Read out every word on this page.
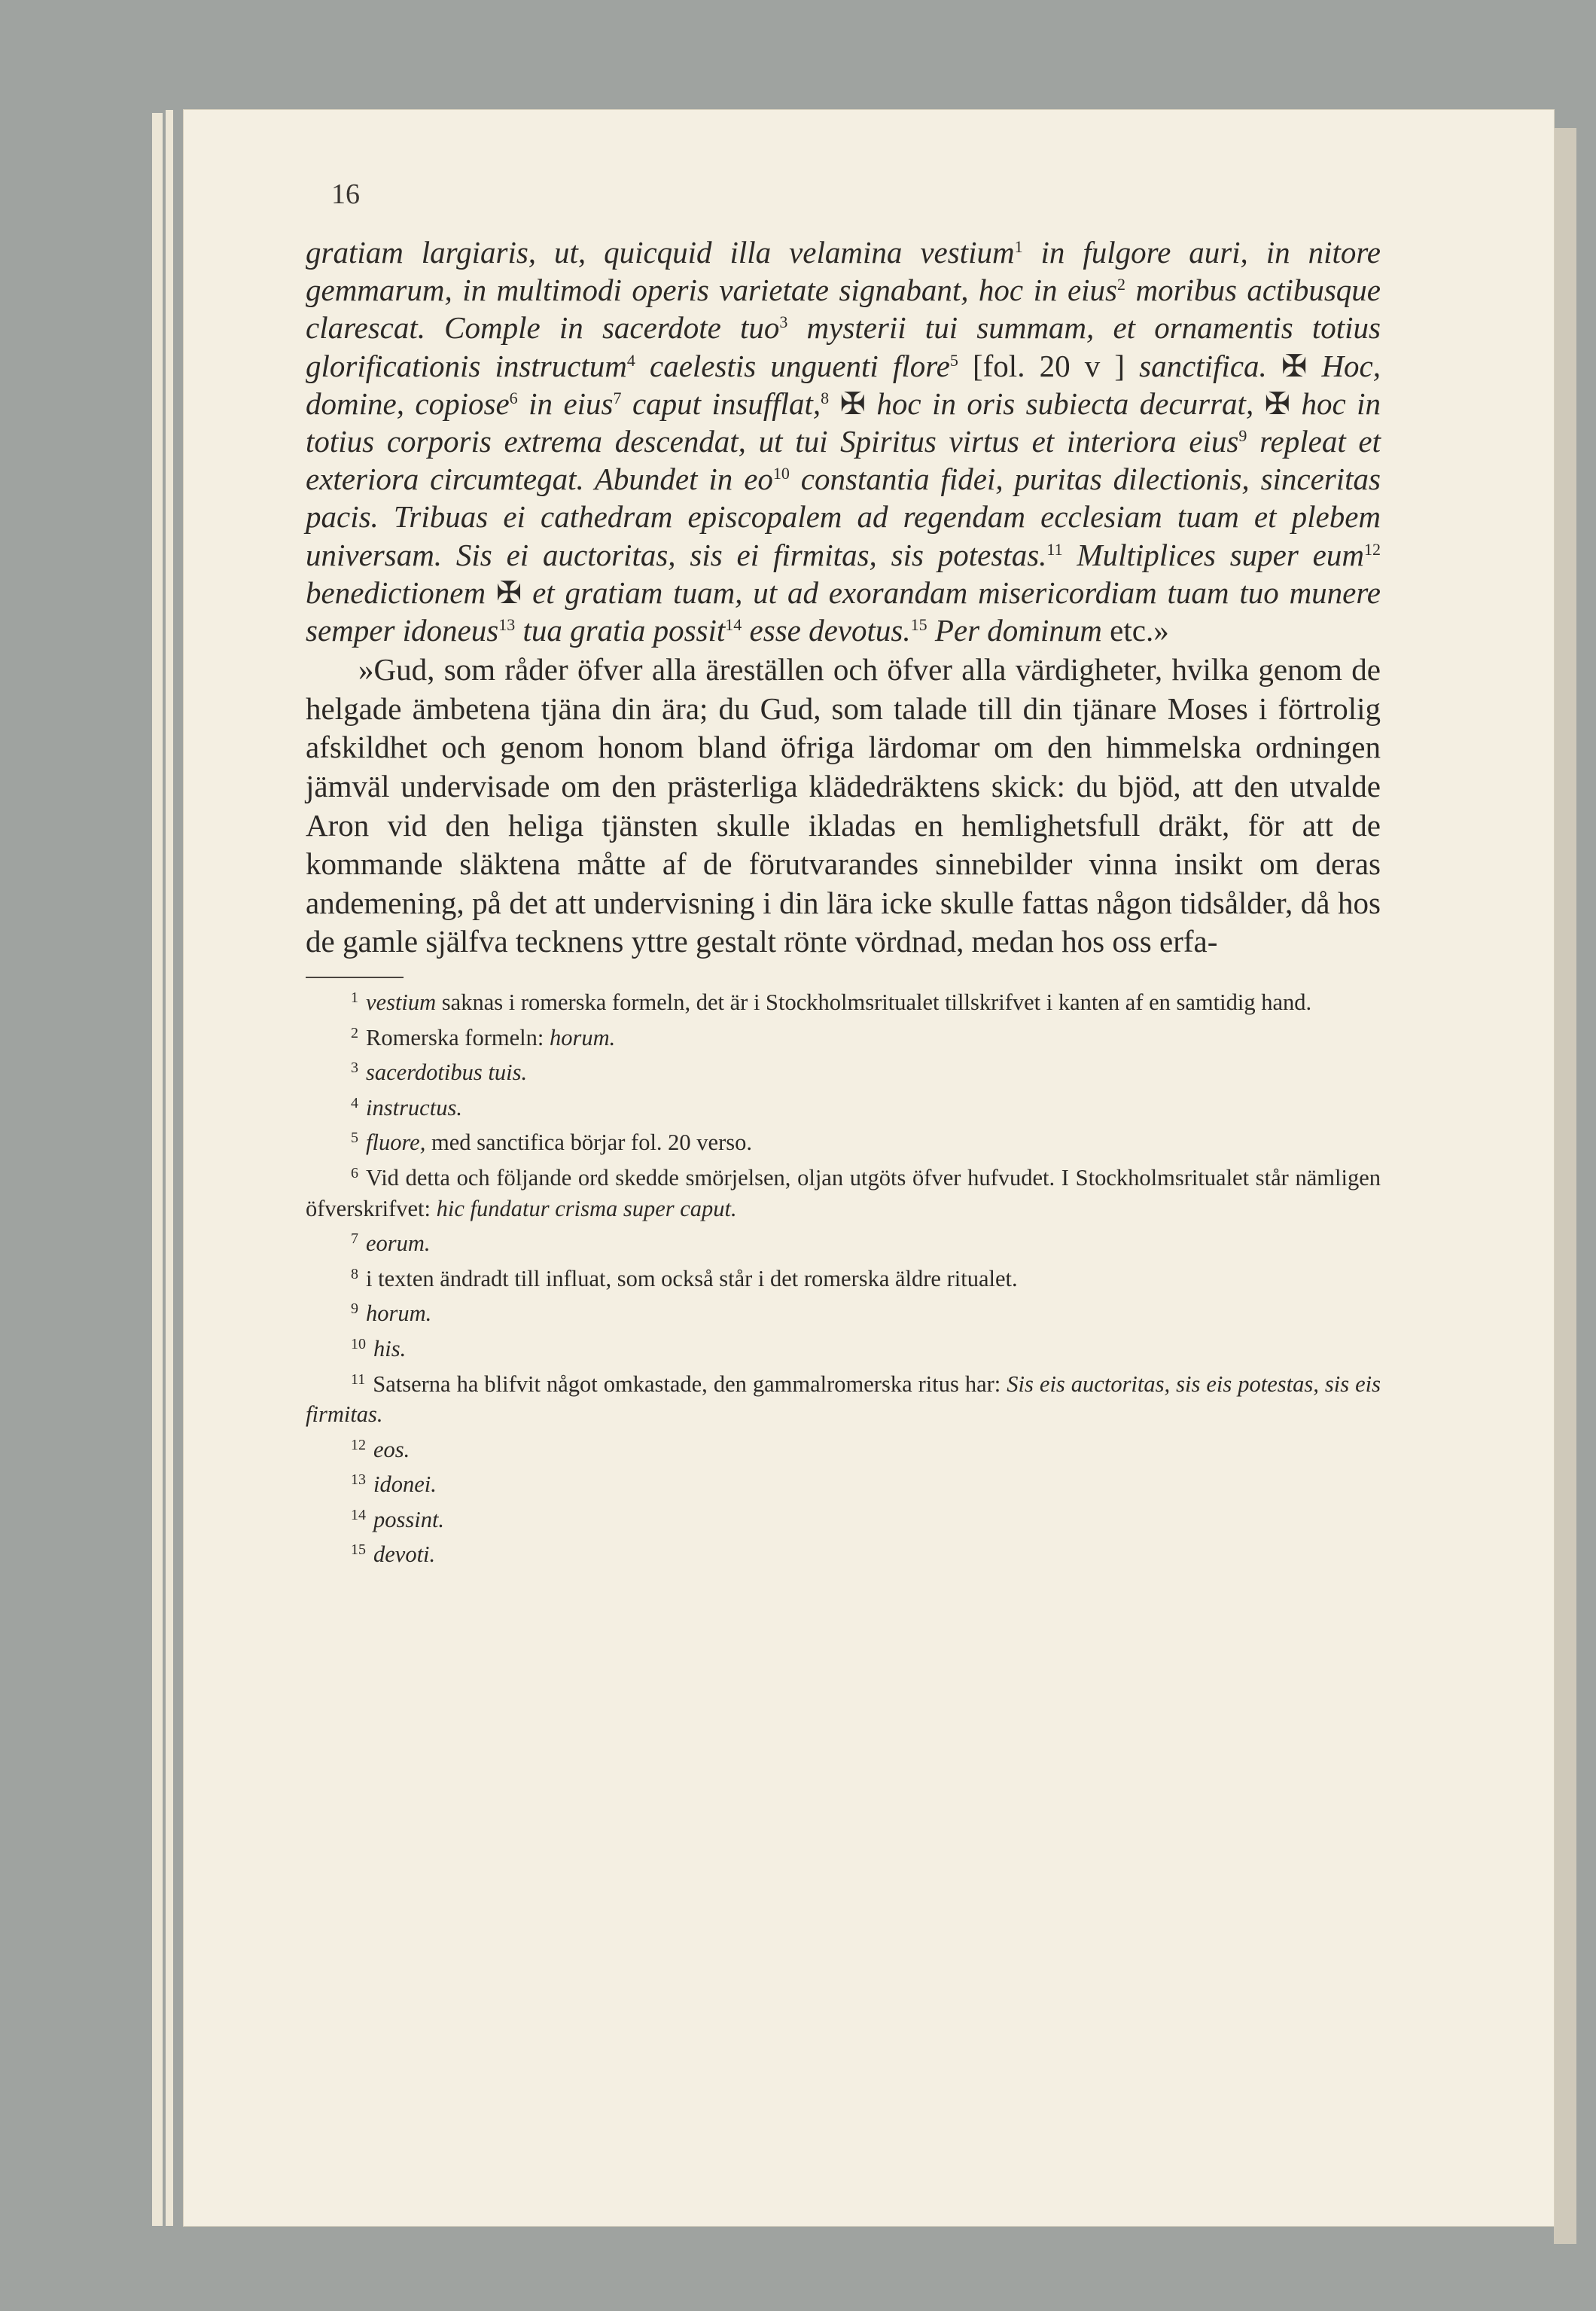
16

gratiam largiaris, ut, quicquid illa velamina vestium$^1$ in fulgore auri, in nitore gemmarum, in multimodi operis varietate signabant, hoc in eius$^2$ moribus actibusque clarescat. Comple in sacerdote tuo$^3$ mysterii tui summam, et ornamentis totius glorificationis instructum$^4$ caelestis unguenti flore$^5$ [fol. 20 v ] sanctifica. ✠ Hoc, domine, copiose$^6$ in eius$^7$ caput insufflat,$^8$ ✠ hoc in oris subiecta decurrat, ✠ hoc in totius corporis extrema descendat, ut tui Spiritus virtus et interiora eius$^9$ repleat et exteriora circumtegat. Abundet in $eo^{10}$ constantia fidei, puritas dilectionis, sinceritas pacis. Tribuas ei cathedram episcopalem ad regendam ecclesiam tuam et plebem universam. Sis ei auctoritas, sis ei firmitas, sis potestas.$^{11}$ Multiplices super eum$^{12}$ benedictionem ✠ et gratiam tuam, ut ad exorandam misericordiam tuam tuo munere semper idoneus$^{13}$ tua gratia possit$^{14}$ esse devotus.$^{15}$ Per dominum etc.»

»Gud, som råder öfver alla äreställen och öfver alla värdigheter, hvilka genom de helgade ämbetena tjäna din ära; du Gud, som talade till din tjänare Moses i förtrolig afskildhet och genom honom bland öfriga lärdomar om den himmelska ordningen jämväl undervisade om den prästerliga klädedräktens skick: du bjöd, att den utvalde Aron vid den heliga tjänsten skulle ikladas en hemlighetsfull dräkt, för att de kommande släktena måtte af de förutvarandes sinnebilder vinna insikt om deras andemening, på det att undervisning i din lära icke skulle fattas någon tidsålder, då hos de gamle själfva tecknens yttre gestalt rönte vördnad, medan hos oss erfa-

$^1$ vestium saknas i romerska formeln, det är i Stockholmsritualet tillskrifvet i kanten af en samtidig hand.

$^2$ Romerska formeln: horum.

$^3$ sacerdotibus tuis.

$^4$ instructus.

$^5$ fluore, med sanctifica börjar fol. 20 verso.

$^6$ Vid detta och följande ord skedde smörjelsen, oljan utgöts öfver hufvudet. I Stockholmsritualet står nämligen öfverskrifvet: hic fundatur crisma super caput.

$^7$ eorum.

$^8$ i texten ändradt till influat, som också står i det romerska äldre ritualet.

$^9$ horum.

$^{10}$ his.

$^{11}$ Satserna ha blifvit något omkastade, den gammalromerska ritus har: Sis eis auctoritas, sis eis potestas, sis eis firmitas.

$^{12}$ eos.

$^{13}$ idonei.

$^{14}$ possint.

$^{15}$ devoti.
